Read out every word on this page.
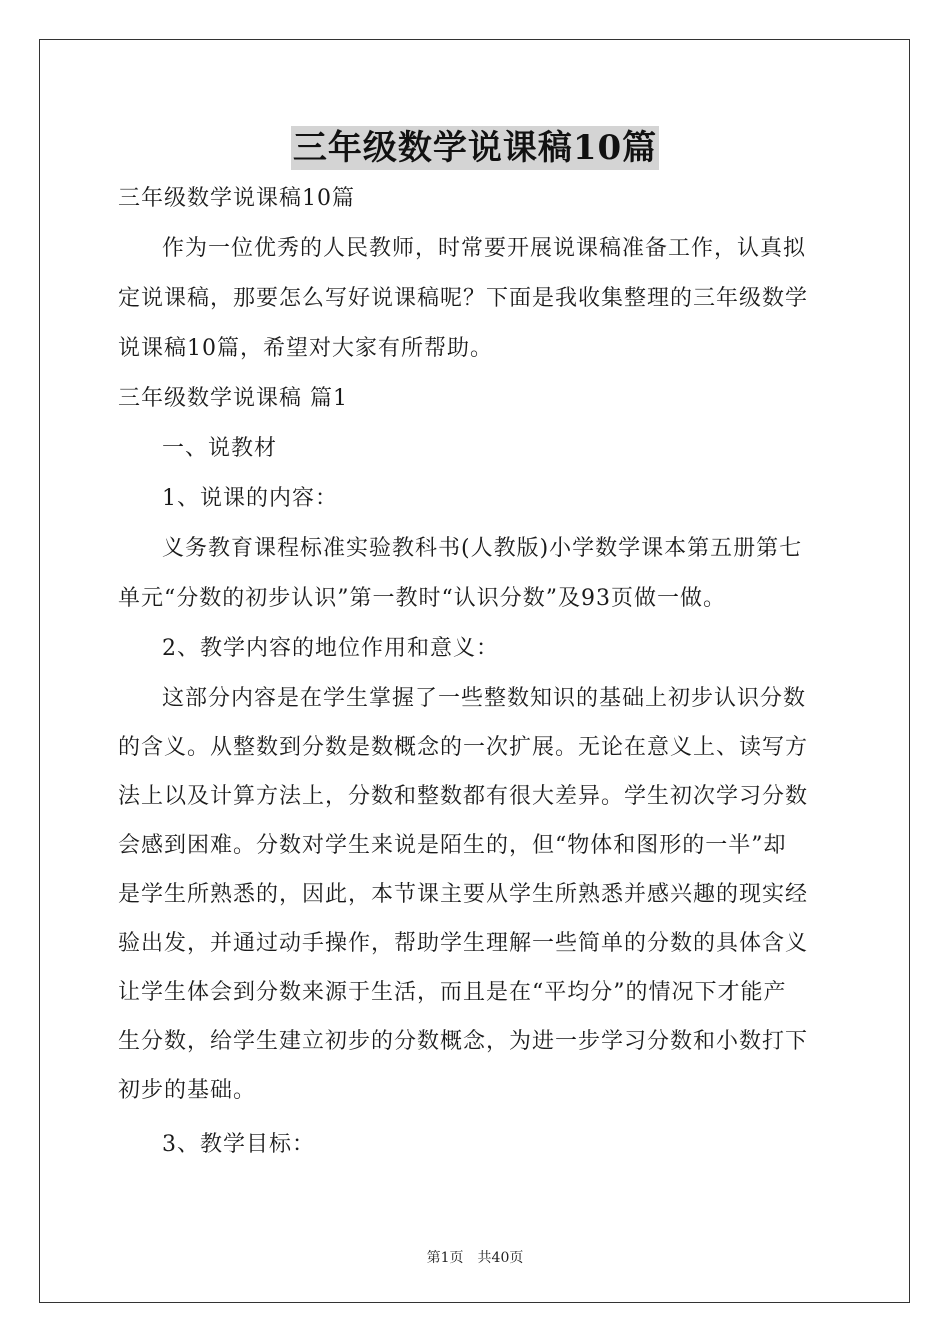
三年级数学说课稿10篇
三年级数学说课稿10篇
作为一位优秀的人民教师，时常要开展说课稿准备工作，认真拟
定说课稿，那要怎么写好说课稿呢？下面是我收集整理的三年级数学
说课稿10篇，希望对大家有所帮助。
三年级数学说课稿 篇1
一、说教材
1、说课的内容：
义务教育课程标准实验教科书(人教版)小学数学课本第五册第七
单元“分数的初步认识”第一教时“认识分数”及93页做一做。
2、教学内容的地位作用和意义：
这部分内容是在学生掌握了一些整数知识的基础上初步认识分数
的含义。从整数到分数是数概念的一次扩展。无论在意义上、读写方
法上以及计算方法上，分数和整数都有很大差异。学生初次学习分数
会感到困难。分数对学生来说是陌生的，但“物体和图形的一半”却
是学生所熟悉的，因此，本节课主要从学生所熟悉并感兴趣的现实经
验出发，并通过动手操作，帮助学生理解一些简单的分数的具体含义
让学生体会到分数来源于生活，而且是在“平均分”的情况下才能产
生分数，给学生建立初步的分数概念，为进一步学习分数和小数打下
初步的基础。
3、教学目标：
第1页 共40页
